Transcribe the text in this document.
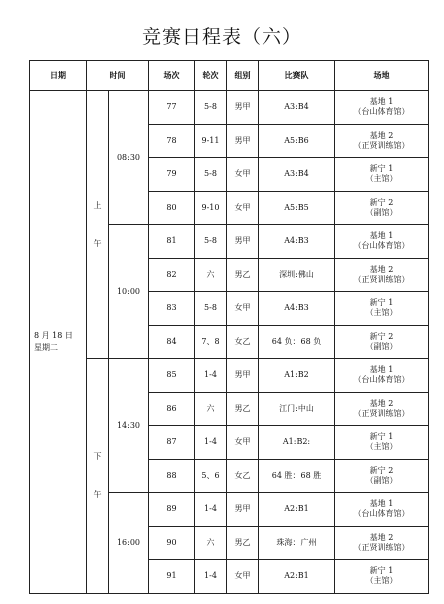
竞赛日程表（六）
日期	时间		场次	轮次	组别	比赛队	场地

8 月 18 日
星期二	上
午	08:30	77	5-8	男甲	A3:B4	基地 1
（台山体育馆）

			78	9-11	男甲	A5:B6	基地 2
（正贤训练馆）

			79	5-8	女甲	A3:B4	新宁 1
（主馆）

			80	9-10	女甲	A5:B5	新宁 2
（副馆）

		10:00	81	5-8	男甲	A4:B3	基地 1
（台山体育馆）

			82	六	男乙	深圳:佛山	基地 2
（正贤训练馆）

			83	5-8	女甲	A4:B3	新宁 1
（主馆）

			84	7、8	女乙	64 负：68 负	新宁 2
（副馆）

	下
午	14:30	85	1-4	男甲	A1:B2	基地 1
（台山体育馆）

			86	六	男乙	江门:中山	基地 2
（正贤训练馆）

			87	1-4	女甲	A1:B2:	新宁 1
（主馆）

			88	5、6	女乙	64 胜：68 胜	新宁 2
（副馆）

		16:00	89	1-4	男甲	A2:B1	基地 1
（台山体育馆）

			90	六	男乙	珠海：广州	基地 2
（正贤训练馆）

			91	1-4	女甲	A2:B1	新宁 1
（主馆）
